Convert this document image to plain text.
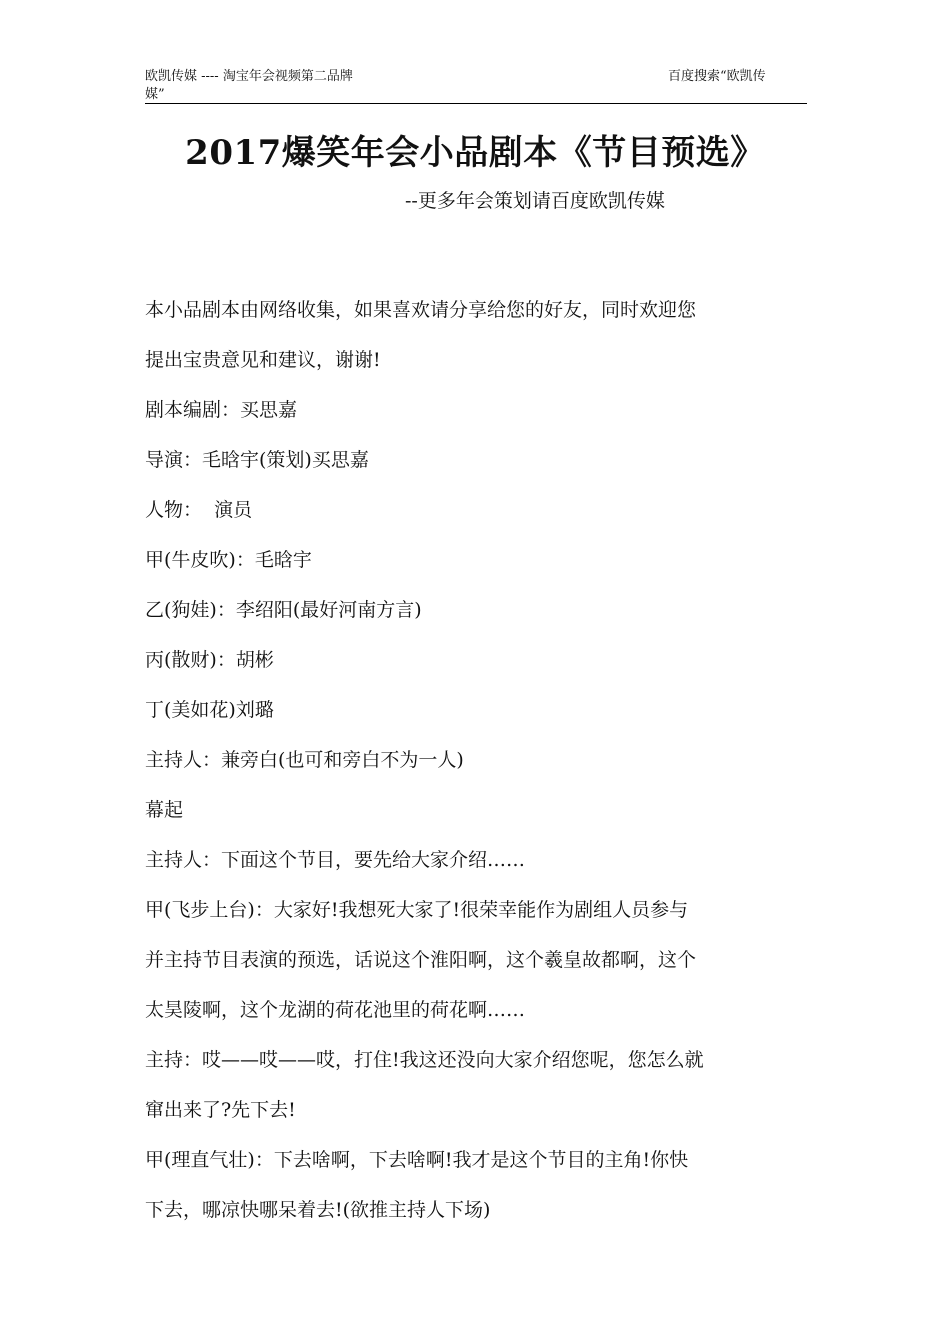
欧凯传媒 ---- 淘宝年会视频第二品牌
媒”
百度搜索“欧凯传
2017爆笑年会小品剧本《节目预选》
--更多年会策划请百度欧凯传媒

本小品剧本由网络收集，如果喜欢请分享给您的好友，同时欢迎您

提出宝贵意见和建议，谢谢!

剧本编剧：买思嘉

导演：毛晗宇(策划)买思嘉

人物：  演员

甲(牛皮吹)：毛晗宇

乙(狗娃)：李绍阳(最好河南方言)

丙(散财)：胡彬

丁(美如花)刘璐

主持人：兼旁白(也可和旁白不为一人)

幕起

主持人：下面这个节目，要先给大家介绍……

甲(飞步上台)：大家好!我想死大家了!很荣幸能作为剧组人员参与

并主持节目表演的预选，话说这个淮阳啊，这个羲皇故都啊，这个

太昊陵啊，这个龙湖的荷花池里的荷花啊……

主持：哎——哎——哎，打住!我这还没向大家介绍您呢，您怎么就

窜出来了?先下去!

甲(理直气壮)：下去啥啊，下去啥啊!我才是这个节目的主角!你快

下去，哪凉快哪呆着去!(欲推主持人下场)
